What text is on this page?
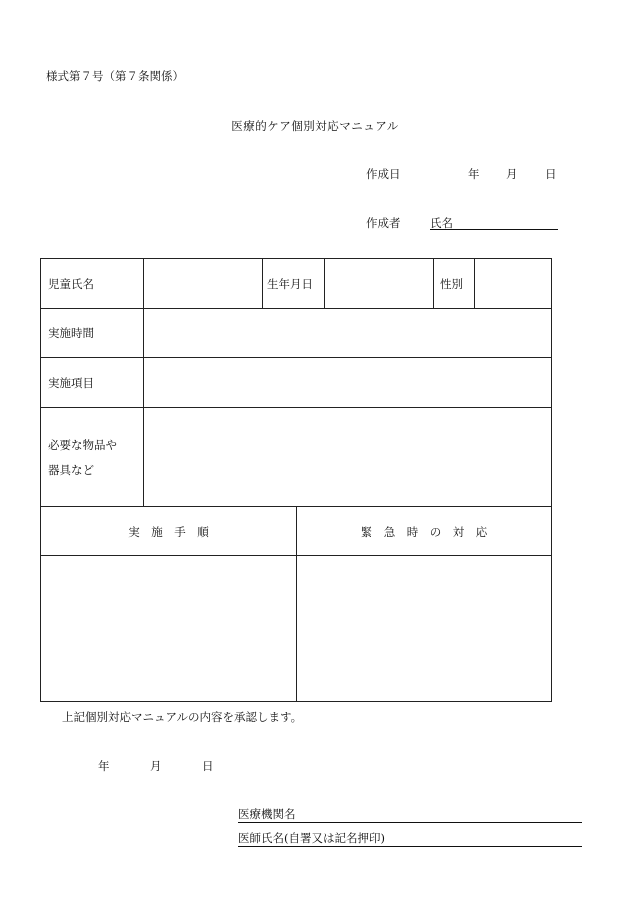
様式第７号（第７条関係）
医療的ケア個別対応マニュアル
作成日	年 月 日
作成者	氏名
児童氏名	生年月日	性別
実施時間
実施項目
必要な物品や
器具など
実　施　手　順	緊　急　時　の　対　応
上記個別対応マニュアルの内容を承認します。
年	月	日
医療機関名
医師氏名(自署又は記名押印)
